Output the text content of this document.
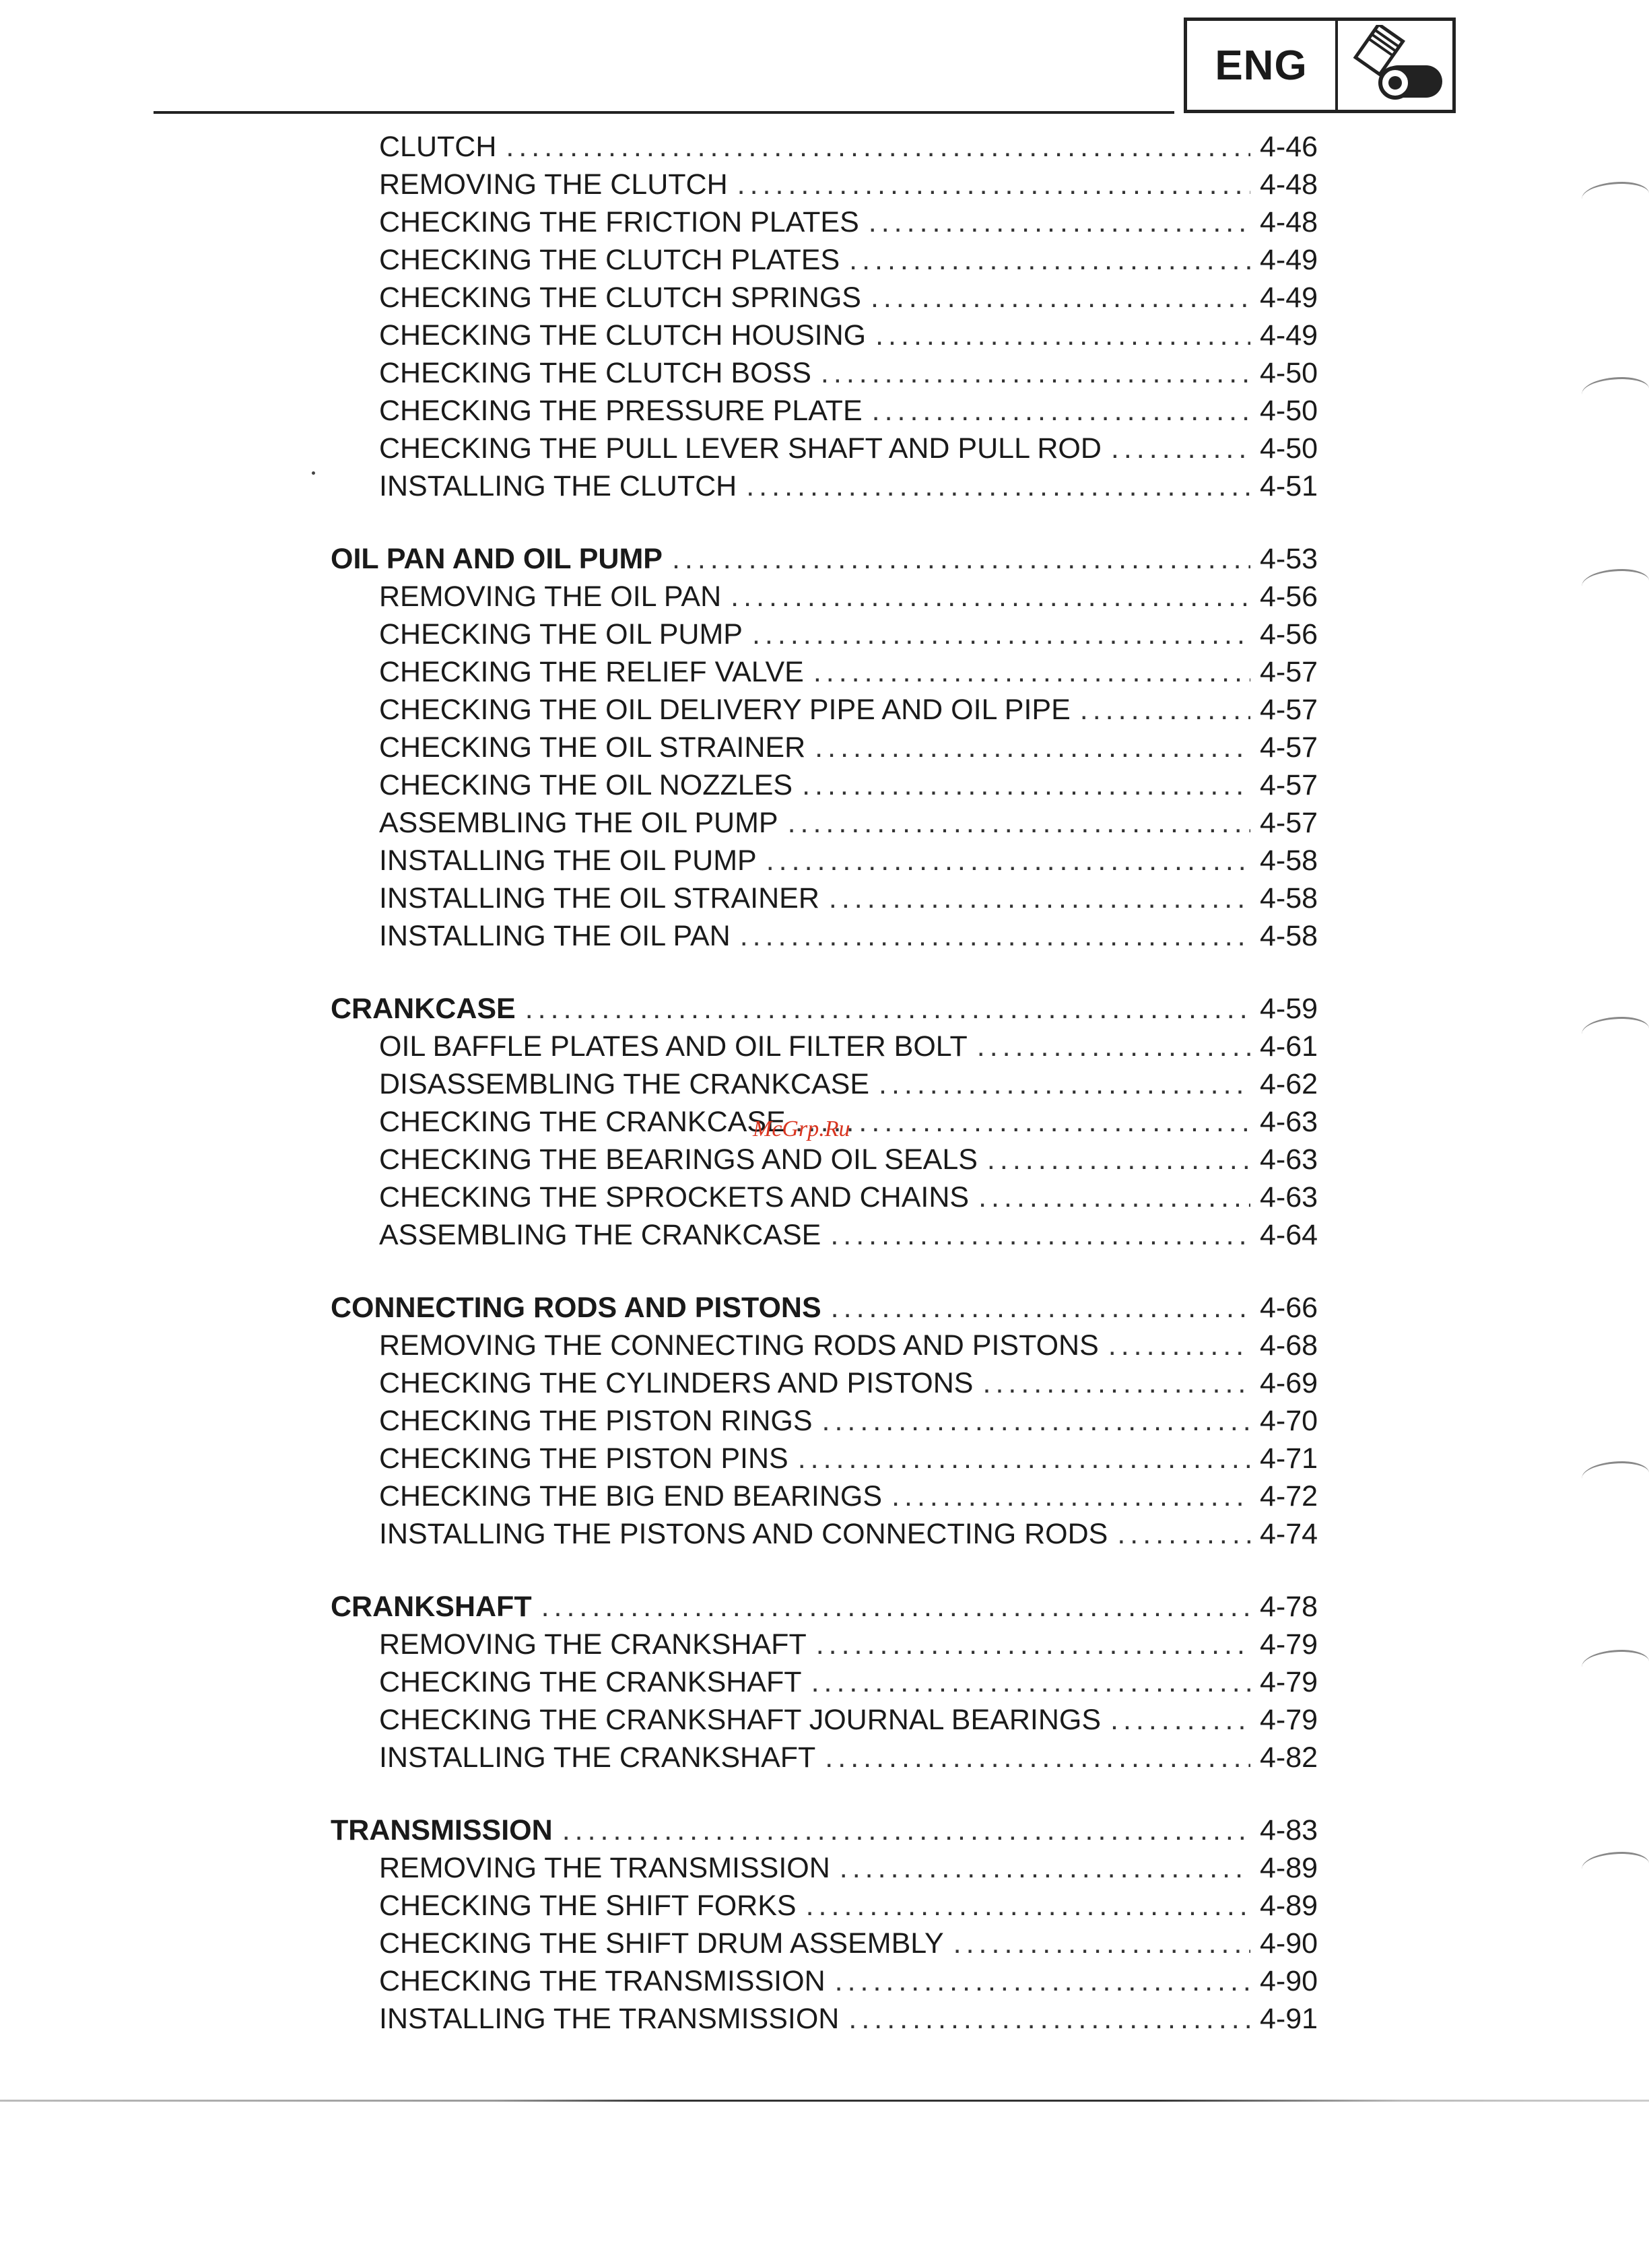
ENG
CLUTCH .....	4-46
REMOVING THE CLUTCH .....	4-48
CHECKING THE FRICTION PLATES .....	4-48
CHECKING THE CLUTCH PLATES .....	4-49
CHECKING THE CLUTCH SPRINGS .....	4-49
CHECKING THE CLUTCH HOUSING .....	4-49
CHECKING THE CLUTCH BOSS .....	4-50
CHECKING THE PRESSURE PLATE .....	4-50
CHECKING THE PULL LEVER SHAFT AND PULL ROD .....	4-50
INSTALLING THE CLUTCH .....	4-51
OIL PAN AND OIL PUMP .....	4-53
REMOVING THE OIL PAN .....	4-56
CHECKING THE OIL PUMP .....	4-56
CHECKING THE RELIEF VALVE .....	4-57
CHECKING THE OIL DELIVERY PIPE AND OIL PIPE .....	4-57
CHECKING THE OIL STRAINER .....	4-57
CHECKING THE OIL NOZZLES .....	4-57
ASSEMBLING THE OIL PUMP .....	4-57
INSTALLING THE OIL PUMP .....	4-58
INSTALLING THE OIL STRAINER .....	4-58
INSTALLING THE OIL PAN .....	4-58
CRANKCASE .....	4-59
OIL BAFFLE PLATES AND OIL FILTER BOLT .....	4-61
DISASSEMBLING THE CRANKCASE .....	4-62
CHECKING THE CRANKCASE .....	4-63
CHECKING THE BEARINGS AND OIL SEALS .....	4-63
CHECKING THE SPROCKETS AND CHAINS .....	4-63
ASSEMBLING THE CRANKCASE .....	4-64
CONNECTING RODS AND PISTONS .....	4-66
REMOVING THE CONNECTING RODS AND PISTONS .....	4-68
CHECKING THE CYLINDERS AND PISTONS .....	4-69
CHECKING THE PISTON RINGS .....	4-70
CHECKING THE PISTON PINS .....	4-71
CHECKING THE BIG END BEARINGS .....	4-72
INSTALLING THE PISTONS AND CONNECTING RODS .....	4-74
CRANKSHAFT .....	4-78
REMOVING THE CRANKSHAFT .....	4-79
CHECKING THE CRANKSHAFT .....	4-79
CHECKING THE CRANKSHAFT JOURNAL BEARINGS .....	4-79
INSTALLING THE CRANKSHAFT .....	4-82
TRANSMISSION .....	4-83
REMOVING THE TRANSMISSION .....	4-89
CHECKING THE SHIFT FORKS .....	4-89
CHECKING THE SHIFT DRUM ASSEMBLY .....	4-90
CHECKING THE TRANSMISSION .....	4-90
INSTALLING THE TRANSMISSION .....	4-91
McGrp.Ru
